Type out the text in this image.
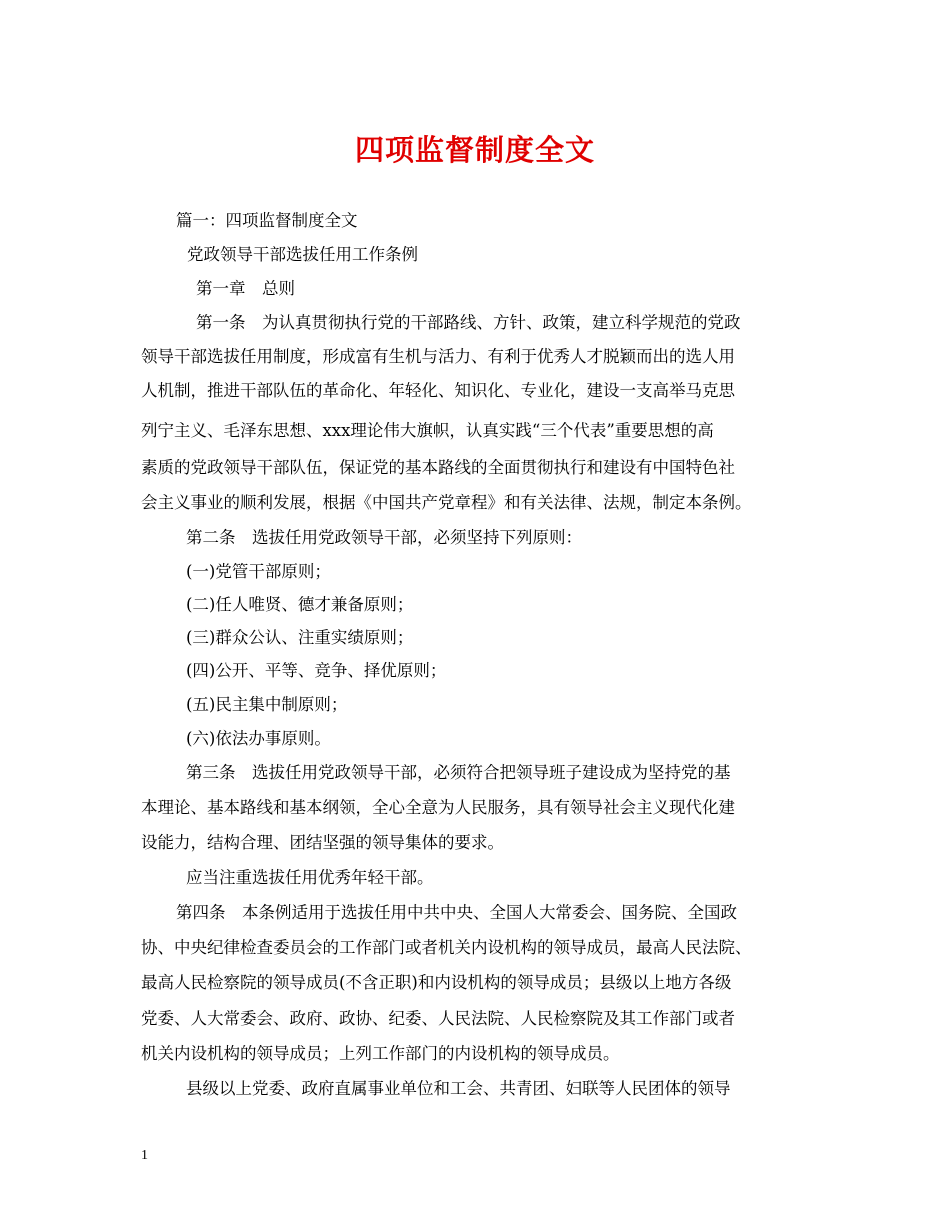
四项监督制度全文
篇一：四项监督制度全文
党政领导干部选拔任用工作条例
第一章　总则
第一条　为认真贯彻执行党的干部路线、方针、政策，建立科学规范的党政
领导干部选拔任用制度，形成富有生机与活力、有利于优秀人才脱颖而出的选人用
人机制，推进干部队伍的革命化、年轻化、知识化、专业化，建设一支高举马克思
列宁主义、毛泽东思想、xxx理论伟大旗帜，认真实践“三个代表”重要思想的高
素质的党政领导干部队伍，保证党的基本路线的全面贯彻执行和建设有中国特色社
会主义事业的顺利发展，根据《中国共产党章程》和有关法律、法规，制定本条例。
第二条　选拔任用党政领导干部，必须坚持下列原则：
(一)党管干部原则；
(二)任人唯贤、德才兼备原则；
(三)群众公认、注重实绩原则；
(四)公开、平等、竞争、择优原则；
(五)民主集中制原则；
(六)依法办事原则。
第三条　选拔任用党政领导干部，必须符合把领导班子建设成为坚持党的基
本理论、基本路线和基本纲领，全心全意为人民服务，具有领导社会主义现代化建
设能力，结构合理、团结坚强的领导集体的要求。
应当注重选拔任用优秀年轻干部。
第四条　本条例适用于选拔任用中共中央、全国人大常委会、国务院、全国政
协、中央纪律检查委员会的工作部门或者机关内设机构的领导成员，最高人民法院、
最高人民检察院的领导成员(不含正职)和内设机构的领导成员；县级以上地方各级
党委、人大常委会、政府、政协、纪委、人民法院、人民检察院及其工作部门或者
机关内设机构的领导成员；上列工作部门的内设机构的领导成员。
县级以上党委、政府直属事业单位和工会、共青团、妇联等人民团体的领导
1
